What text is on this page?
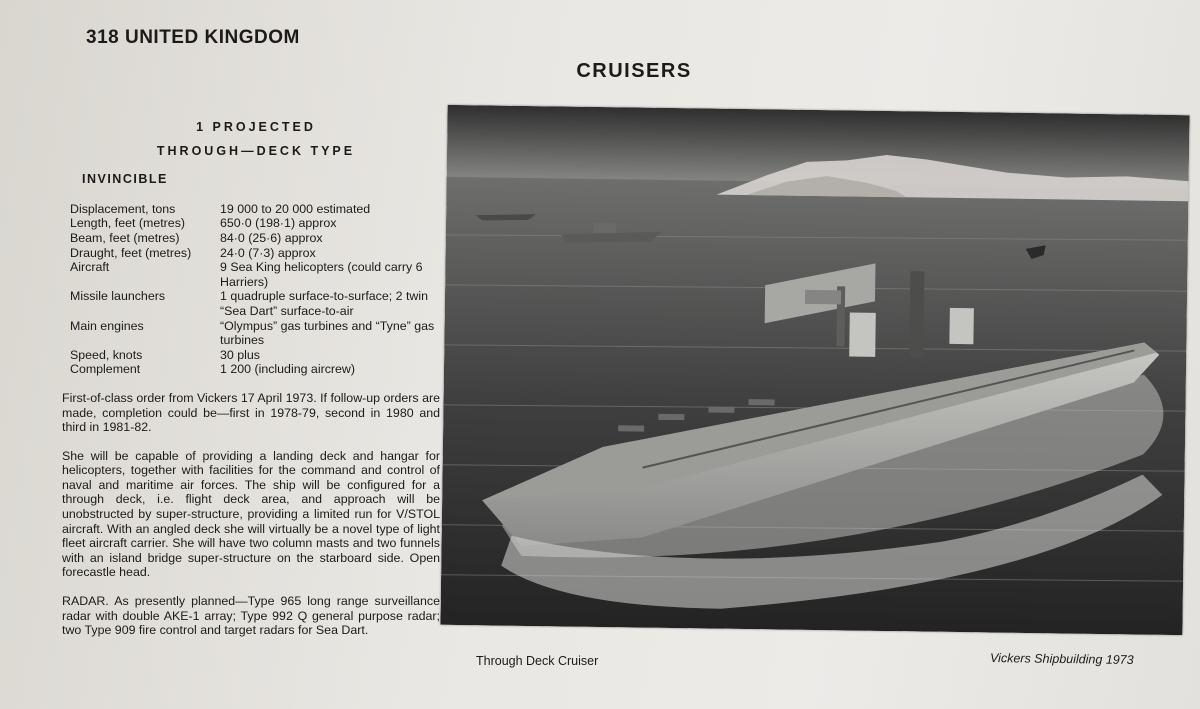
318 UNITED KINGDOM
CRUISERS
1 PROJECTED
THROUGH—DECK TYPE
INVINCIBLE
Displacement, tons	19 000 to 20 000 estimated
Length, feet (metres)	650·0 (198·1) approx
Beam, feet (metres)	84·0 (25·6) approx
Draught, feet (metres)	24·0 (7·3) approx
Aircraft	9 Sea King helicopters (could carry 6 Harriers)
Missile launchers	1 quadruple surface-to-surface; 2 twin “Sea Dart” surface-to-air
Main engines	“Olympus” gas turbines and “Tyne” gas turbines
Speed, knots	30 plus
Complement	1 200 (including aircrew)
First-of-class order from Vickers 17 April 1973. If follow-up orders are made, completion could be—first in 1978-79, second in 1980 and third in 1981-82.
She will be capable of providing a landing deck and hangar for helicopters, together with facilities for the command and control of naval and maritime air forces. The ship will be configured for a through deck, i.e. flight deck area, and approach will be unobstructed by super-structure, providing a limited run for V/STOL aircraft. With an angled deck she will virtually be a novel type of light fleet aircraft carrier. She will have two column masts and two funnels with an island bridge super-structure on the starboard side. Open forecastle head.
RADAR. As presently planned—Type 965 long range surveillance radar with double AKE-1 array; Type 992 Q general purpose radar; two Type 909 fire control and target radars for Sea Dart.
Through Deck Cruiser	Vickers Shipbuilding 1973
